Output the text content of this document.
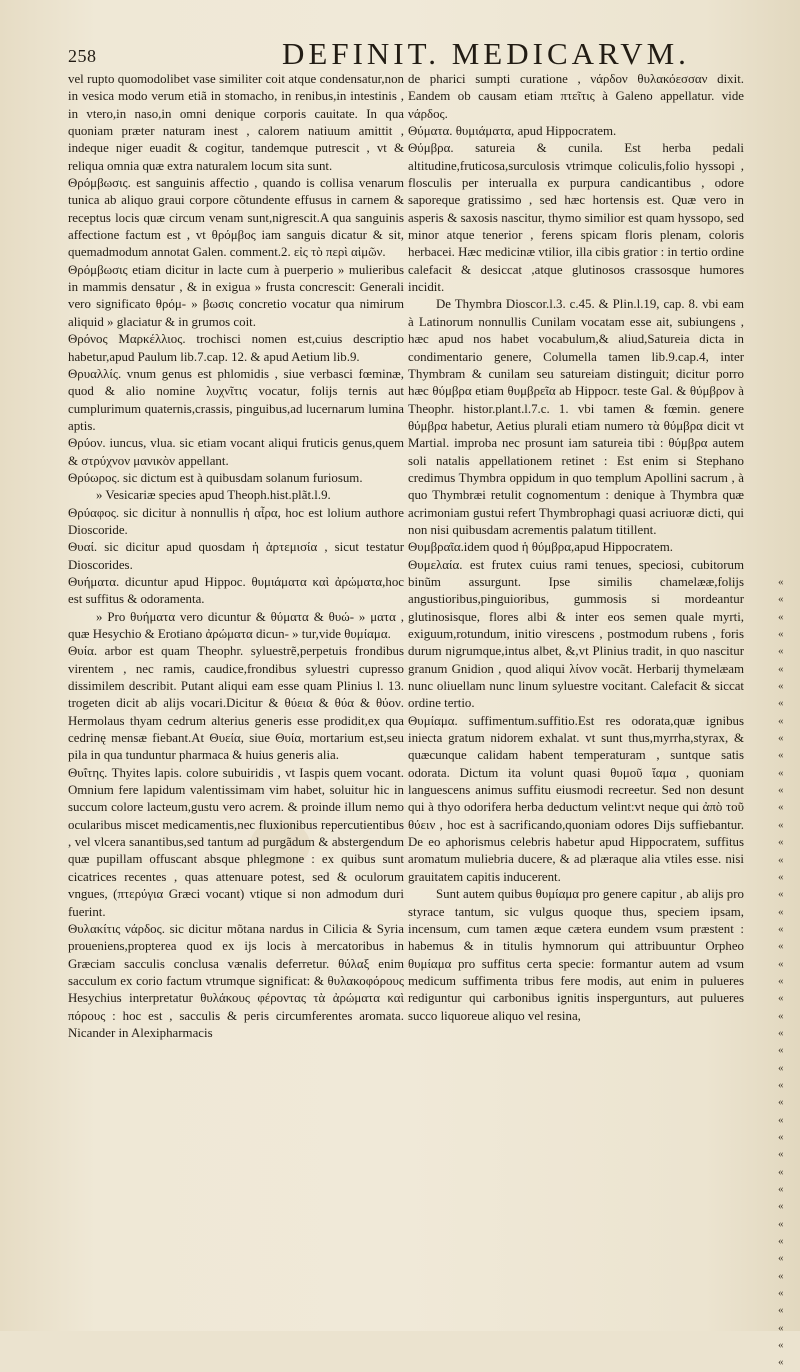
258	DEFINIT. MEDICARVM.

vel rupto quomodolibet vase similiter coit atque condensatur,non in vesica modo verum etiã in stomacho, in renibus,in intestinis , in vtero,in naso,in omni denique corporis cauitate. In qua quoniam præter naturam inest , calorem natiuum amittit , indeque niger euadit & cogitur, tandemque putrescit , vt & reliqua omnia quæ extra naturalem locum sita sunt.

Θρόμβωσις. est sanguinis affectio , quando is collisa venarum tunica ab aliquo graui corpore cõtundente effusus in carnem & receptus locis quæ circum venam sunt,nigrescit.A qua sanguinis affectione factum est , vt θρόμβος iam sanguis dicatur & sit, quemadmodum annotat Galen. comment.2. εἰς τὸ περὶ αἱμῶν.

Θρόμβωσις etiam dicitur in lacte cum à puerperio » mulieribus in mammis densatur , & in exigua » frusta concrescit: Generali vero significato θρόμ- » βωσις concretio vocatur qua nimirum aliquid » glaciatur & in grumos coit.

Θρόνος Μαρκέλλιος. trochisci nomen est,cuius descriptio habetur,apud Paulum lib.7.cap. 12. & apud Aetium lib.9.

Θρυαλλίς. vnum genus est phlomidis , siue verbasci fœminæ, quod & alio nomine λυχνῖτις vocatur, folijs ternis aut cumplurimum quaternis,crassis, pinguibus,ad lucernarum lumina aptis.

Θρύον. iuncus, vlua. sic etiam vocant aliqui fruticis genus,quem & στρύχνον μανικὸν appellant.

Θρύωρος. sic dictum est à quibusdam solanum furiosum.

» Vesicariæ species apud Theoph.hist.plãt.l.9.

Θρύαφος. sic dicitur à nonnullis ἡ αἶρα, hoc est lolium authore Dioscoride.

Θυαί. sic dicitur apud quosdam ἡ ἀρτεμισία , sicut testatur Dioscorides.

Θυήματα. dicuntur apud Hippoc. θυμιάματα καὶ ἀρώματα,hoc est suffitus & odoramenta.

» Pro θυήματα vero dicuntur & θύματα & θυώ- » ματα , quæ Hesychio & Erotiano ἀρώματα dicun- » tur,vide θυμίαμα.

Θυία. arbor est quam Theophr. syluestrẽ,perpetuis frondibus virentem , nec ramis, caudice,frondibus syluestri cupresso dissimilem describit. Putant aliqui eam esse quam Plinius l. 13. trogeten dicit ab alijs vocari.Dicitur & θύεια & θύα & θύον. Hermolaus thyam cedrum alterius generis esse prodidit,ex qua cedrinę mensæ fiebant.At Θυεία, siue Θυία, mortarium est,seu pila in qua tunduntur pharmaca & huius generis alia.

Θυΐτης. Thyites lapis. colore subuiridis , vt Iaspis quem vocant. Omnium fere lapidum valentissimam vim habet, soluitur hic in succum colore lacteum,gustu vero acrem. & proinde illum nemo ocularibus miscet medicamentis,nec fluxionibus repercutientibus , vel vlcera sanantibus,sed tantum ad purgãdum & abstergendum quæ pupillam offuscant absque phlegmone : ex quibus sunt cicatrices recentes , quas attenuare potest, sed & oculorum vngues, (πτερύγια Græci vocant) vtique si non admodum duri fuerint.

Θυλακίτις νάρδος. sic dicitur mõtana nardus in Cilicia & Syria proueniens,propterea quod ex ijs locis à mercatoribus in Græciam sacculis conclusa vænalis deferretur. θύλαξ enim sacculum ex corio factum vtrumque significat: & θυλακοφόρους Hesychius interpretatur θυλάκους φέροντας τὰ ἀρώματα καὶ πόρους : hoc est , sacculis & peris circumferentes aromata. Nicander in Alexipharmacis

de pharici sumpti curatione , νάρδον θυλακόεσσαν dixit. Eandem ob causam etiam πτεῖτις à Galeno appellatur. vide νάρδος.

Θύματα. θυμιάματα, apud Hippocratem.

Θύμβρα. satureia & cunila. Est herba pedali altitudine,fruticosa,surculosis vtrimque coliculis,folio hyssopi , flosculis per interualla ex purpura candicantibus , odore saporeque gratissimo , sed hæc hortensis est. Quæ vero in asperis & saxosis nascitur, thymo similior est quam hyssopo, sed minor atque tenerior , ferens spicam floris plenam, coloris herbacei. Hæc medicinæ vtilior, illa cibis gratior : in tertio ordine calefacit & desiccat ,atque glutinosos crassosque humores incidit.

De Thymbra Dioscor.l.3. c.45. & Plin.l.19, cap. 8. vbi eam à Latinorum nonnullis Cunilam vocatam esse ait, subiungens , hæc apud nos habet vocabulum,& aliud,Satureia dicta in condimentario genere, Columella tamen lib.9.cap.4, inter Thymbram & cunilam seu satureiam distinguit; dicitur porro hæc θύμβρα etiam θυμβρεῖα ab Hippocr. teste Gal. & θύμβρον à Theophr. histor.plant.l.7.c. 1. vbi tamen & fœmin. genere θύμβρα habetur, Aetius plurali etiam numero τὰ θύμβρα dicit vt Martial. improba nec prosunt iam satureia tibi : θύμβρα autem soli natalis appellationem retinet : Est enim si Stephano credimus Thymbra oppidum in quo templum Apollini sacrum , à quo Thymbræi retulit cognomentum : denique à Thymbra quæ acrimoniam gustui refert Thymbrophagi quasi acriuoræ dicti, qui non nisi quibusdam acrementis palatum titillent.

Θυμβραῖα.idem quod ἡ θύμβρα,apud Hippocratem.

Θυμελαία. est frutex cuius rami tenues, speciosi, cubitorum binũm assurgunt. Ipse similis chamelææ,folijs angustioribus,pinguioribus, gummosis si mordeantur glutinosisque, flores albi & inter eos semen quale myrti, exiguum,rotundum, initio virescens , postmodum rubens , foris durum nigrumque,intus albet, &,vt Plinius tradit, in quo nascitur granum Gnidion , quod aliqui λίνον vocãt. Herbarij thymelæam nunc oliuellam nunc linum syluestre vocitant. Calefacit & siccat ordine tertio.

Θυμίαμα. suffimentum.suffitio.Est res odorata,quæ ignibus iniecta gratum nidorem exhalat. vt sunt thus,myrrha,styrax, & quæcunque calidam habent temperaturam , suntque satis odorata. Dictum ita volunt quasi θυμοῦ ἴαμα , quoniam languescens animus suffitu eiusmodi recreetur. Sed non desunt qui à thyo odorifera herba deductum velint:vt neque qui ἀπὸ τοῦ θύειν , hoc est à sacrificando,quoniam odores Dijs suffiebantur. De eo aphorismus celebris habetur apud Hippocratem, suffitus aromatum muliebria ducere, & ad plæraque alia vtiles esse. nisi grauitatem capitis inducerent.

Sunt autem quibus θυμίαμα pro genere capitur , ab alijs pro styrace tantum, sic vulgus quoque thus, speciem ipsam, incensum, cum tamen æque cætera eundem vsum præstent : habemus & in titulis hymnorum qui attribuuntur Orpheo θυμίαμα pro suffitus certa specie: formantur autem ad vsum medicum suffimenta tribus fere modis, aut enim in pulueres rediguntur qui carbonibus ignitis inspergunturs, aut pulueres succo liquoreue aliquo vel resina,

«
«
«
«
«
«
«
«
«
«
«
«
«
«
«
«
«
«
«
«
«
«
«
«
«
«
«
«
«
«
«
«
«
«
«
«
«
«
«
«
«
«
«
«
«
«
